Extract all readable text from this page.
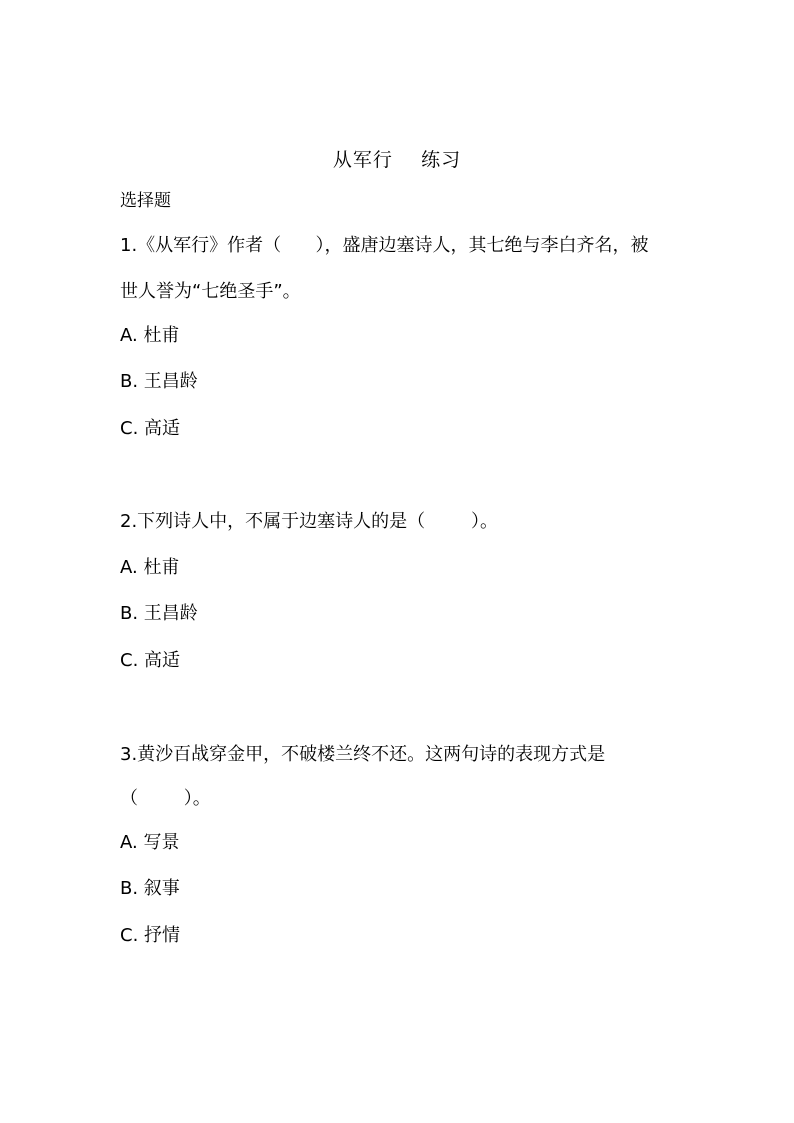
从军行    练习
选择题
1.《从军行》作者（      ），盛唐边塞诗人，其七绝与李白齐名，被
世人誉为“七绝圣手”。
A. 杜甫
B. 王昌龄
C. 高适
2.下列诗人中，不属于边塞诗人的是（        ）。
A. 杜甫
B. 王昌龄
C. 高适
3.黄沙百战穿金甲，不破楼兰终不还。这两句诗的表现方式是
（        ）。
A. 写景
B. 叙事
C. 抒情
